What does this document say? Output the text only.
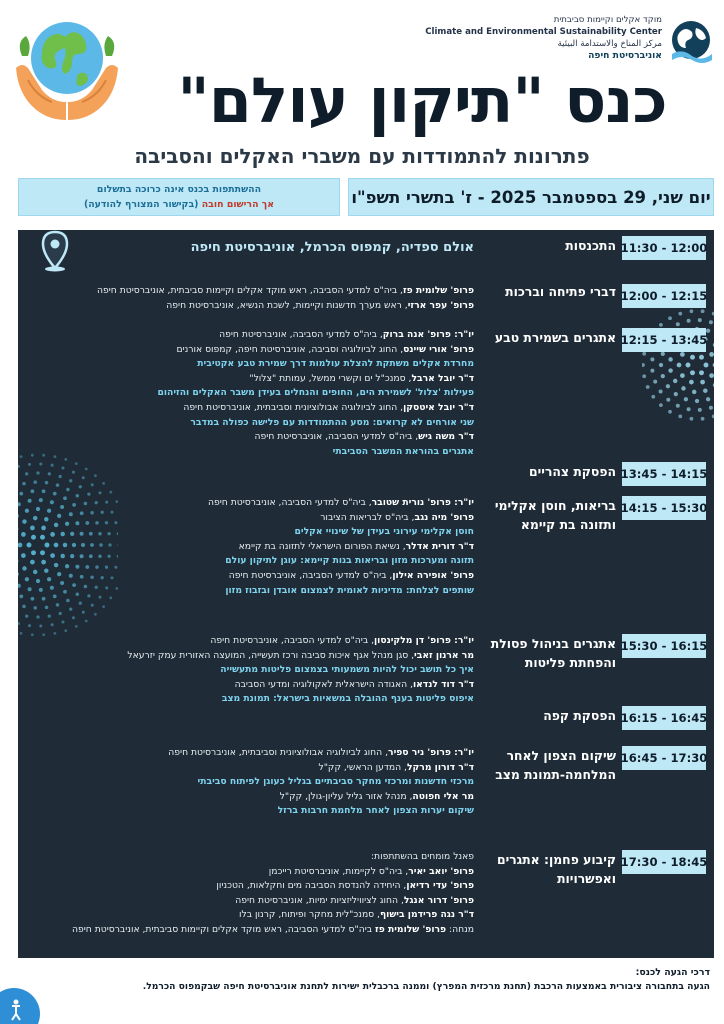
מוקד אקלים וקיימות סביבתית
Climate and Environmental Sustainability Center
مركز المناخ والاستدامة البيئية
אוניברסיטת חיפה
כנס "תיקון עולם"
פתרונות להתמודדות עם משברי האקלים והסביבה
יום שני, 29 בספטמבר 2025 - ז' בתשרי תשפ"ו
ההשתתפות בכנס אינה כרוכה בתשלום
אך הרישום חובה (בקישור המצורף להודעה)
אולם ספדיה, קמפוס הכרמל, אוניברסיטת חיפה	11:30 - 12:00
התכנסות
12:00 - 12:15
דברי פתיחה וברכות
פרופ' שלומית פז, ביה"ס למדעי הסביבה, ראש מוקד אקלים וקיימות סביבתית, אוניברסיטת חיפה
פרופ' עפר ארזי, ראש מערך חדשנות וקיימות, לשכת הנשיא, אוניברסיטת חיפה
12:15 - 13:45
אתגרים בשמירת טבע
יו"ר: פרופ' אנה ברוק, ביה"ס למדעי הסביבה, אוניברסיטת חיפה
פרופ' אורי שיינס, החוג לביולוגיה וסביבה, אוניברסיטת חיפה, קמפוס אורנים
מחרדת אקלים משתקת להצלת עולמות דרך שמירת טבע אקטיבית
ד"ר יובל ארבל, סמנכ"ל ים וקשרי ממשל, עמותת "צלול"
פעילות 'צלול' לשמירת הים, החופים והנחלים בעידן משבר האקלים והזיהום
ד"ר יובל איטסקן, החוג לביולוגיה אבולוציונית וסביבתית, אוניברסיטת חיפה
שני אורחים לא קרואים: מסע ההתמודדות עם פלישה כפולה במדבר
ד"ר משה גיש, ביה"ס למדעי הסביבה, אוניברסיטת חיפה
אתגרים בהוראת המשבר הסביבתי
13:45 - 14:15
הפסקת צהריים
14:15 - 15:30
בריאות, חוסן אקלימי ותזונה בת קיימא
יו"ר: פרופ' נורית שטובר, ביה"ס למדעי הסביבה, אוניברסיטת חיפה
פרופ' מיה נגב, ביה"ס לבריאות הציבור
חוסן אקלימי עירוני בעידן של שינויי אקלים
ד"ר דורית אדלר, נשיאת הפורום הישראלי לתזונה בת קיימא
תזונה ומערכות מזון ובריאות בנות קיימא: עוגן לתיקון עולם
פרופ' אופירה אילון, ביה"ס למדעי הסביבה, אוניברסיטת חיפה
שותפים לצלחת: מדיניות לאומית לצמצום אובדן ובזבוז מזון
15:30 - 16:15
אתגרים בניהול פסולת והפחתת פליטות
יו"ר: פרופ' דן מלקינסון, ביה"ס למדעי הסביבה, אוניברסיטת חיפה
מר ארנון זאבי, סגן מנהל אגף איכות סביבה ורכז תעשייה, המועצה האזורית עמק יזרעאל
איך כל תושב יכול להיות משמעותי בצמצום פליטות מתעשייה
ד"ר דוד לנדאו, האגודה הישראלית לאקולוגיה ומדעי הסביבה
איפוס פליטות בענף ההובלה במשאיות בישראל: תמונת מצב
16:15 - 16:45
הפסקת קפה
16:45 - 17:30
שיקום הצפון לאחר המלחמה-תמונת מצב
יו"ר: פרופ' ניר ספיר, החוג לביולוגיה אבולוציונית וסביבתית, אוניברסיטת חיפה
ד"ר דורון מרקל, המדען הראשי, קק"ל
מרכזי חדשנות ומרכזי מחקר סביבתיים בגליל כעוגן לפיתוח סביבתי
מר אלי חפוטה, מנהל אזור גליל עליון-גולן, קק"ל
שיקום יערות הצפון לאחר מלחמת חרבות ברזל
17:30 - 18:45
קיבוע פחמן: אתגרים ואפשרויות
פאנל מומחים בהשתתפות:
פרופ' יואב יאיר, ביה"ס לקיימות, אוניברסיטת רייכמן
פרופ' עדי רדיאן, היחידה להנדסת הסביבה מים וחקלאות, הטכניון
פרופ' דרור אנגל, החוג לציוויליזציות ימיות, אוניברסיטת חיפה
ד"ר נגה פרידמן בישוף, סמנכ"לית מחקר ופיתוח, קרנון בלו
מנחה: פרופ' שלומית פז ביה"ס למדעי הסביבה, ראש מוקד אקלים וקיימות סביבתית, אוניברסיטת חיפה
דרכי הגעה לכנס:
הגעה בתחבורה ציבורית באמצעות הרכבת (תחנת מרכזית המפרץ) וממנה ברכבלית ישירות לתחנת אוניברסיטת חיפה שבקמפוס הכרמל.
